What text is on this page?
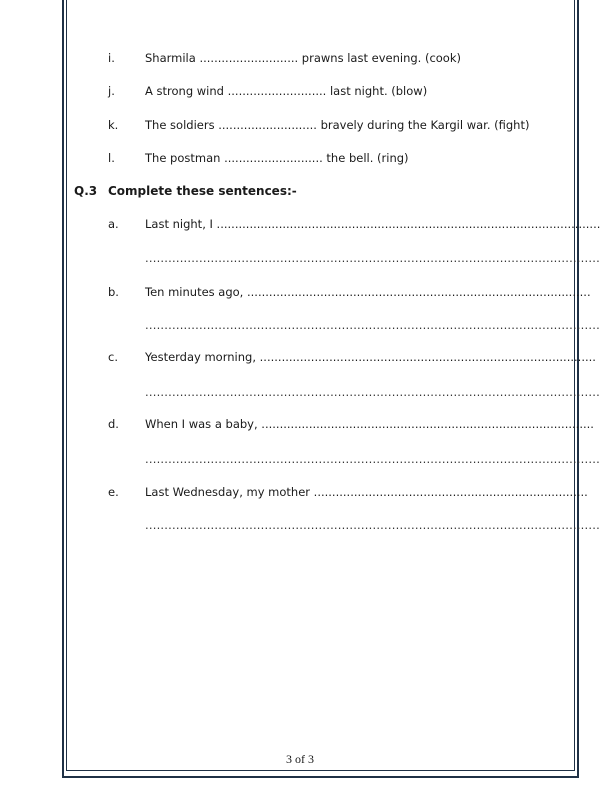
i.	Sharmila ........................... prawns last evening. (cook)
j.	A strong wind ........................... last night. (blow)
k. The soldiers ........................... bravely during the Kargil war. (fight)
l.	The postman ........................... the bell. (ring)
Q.3 Complete these sentences:-
a. Last night, I .........................................................................................................
......................................................................................................................
b. Ten minutes ago, ..............................................................................................
......................................................................................................................
c. Yesterday morning, ............................................................................................
......................................................................................................................
d. When I was a baby, ...........................................................................................
......................................................................................................................
e. Last Wednesday, my mother ...........................................................................
......................................................................................................................
3 of 3
